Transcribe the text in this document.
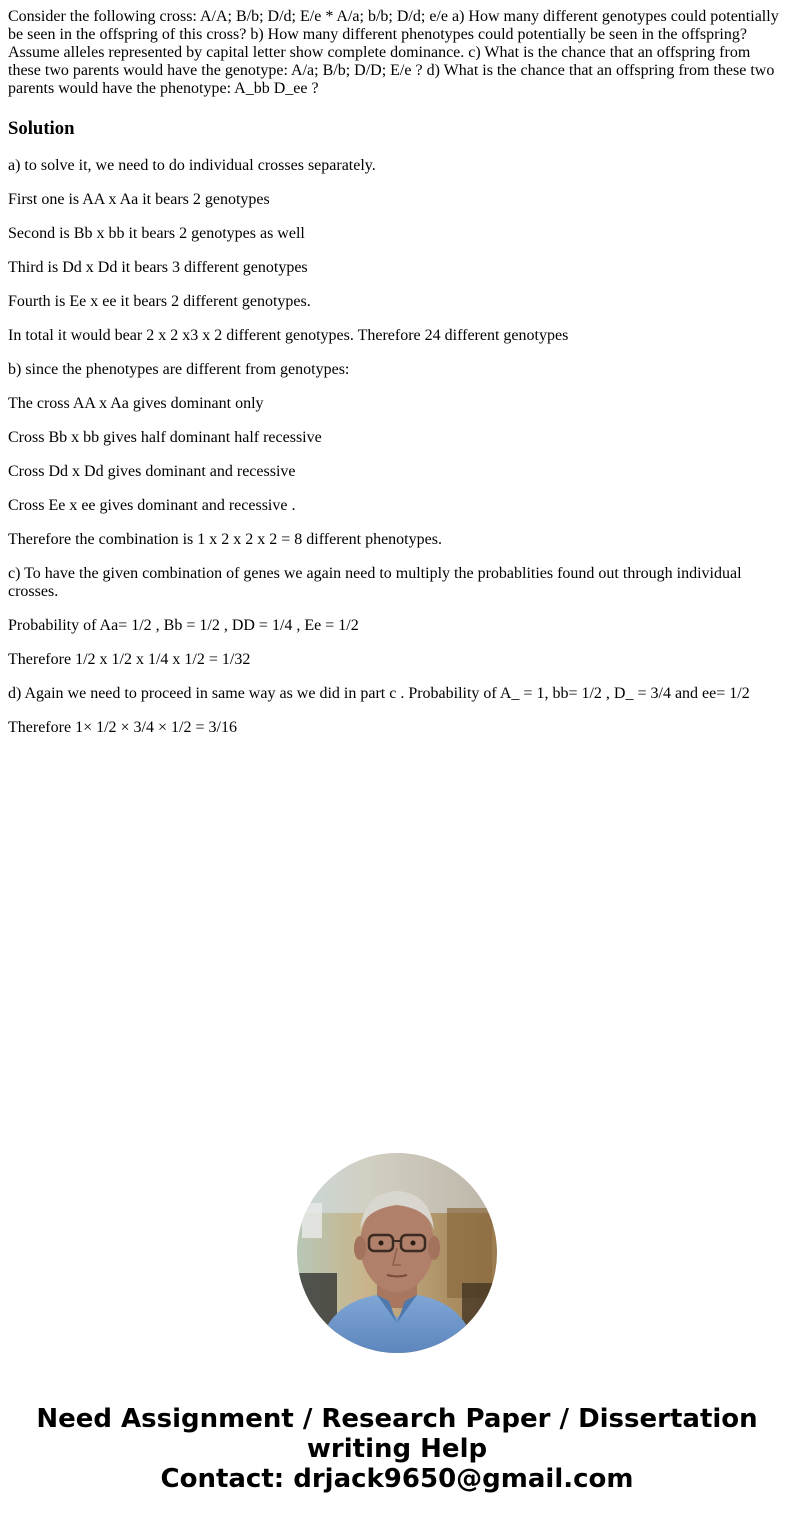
Consider the following cross: A/A; B/b; D/d; E/e * A/a; b/b; D/d; e/e a) How many different genotypes could potentially be seen in the offspring of this cross? b) How many different phenotypes could potentially be seen in the offspring? Assume alleles represented by capital letter show complete dominance. c) What is the chance that an offspring from these two parents would have the genotype: A/a; B/b; D/D; E/e ? d) What is the chance that an offspring from these two parents would have the phenotype: A_bb D_ee ?

Solution

a) to solve it, we need to do individual crosses separately.

First one is AA x Aa it bears 2 genotypes

Second is Bb x bb it bears 2 genotypes as well

Third is Dd x Dd it bears 3 different genotypes

Fourth is Ee x ee it bears 2 different genotypes.

In total it would bear 2 x 2 x3 x 2 different genotypes. Therefore 24 different genotypes

b) since the phenotypes are different from genotypes:

The cross AA x Aa gives dominant only

Cross Bb x bb gives half dominant half recessive

Cross Dd x Dd gives dominant and recessive

Cross Ee x ee gives dominant and recessive .

Therefore the combination is 1 x 2 x 2 x 2 = 8 different phenotypes.

c) To have the given combination of genes we again need to multiply the probablities found out through individual crosses.

Probability of Aa= 1/2 , Bb = 1/2 , DD = 1/4 , Ee = 1/2

Therefore 1/2 x 1/2 x 1/4 x 1/2 = 1/32

d) Again we need to proceed in same way as we did in part c . Probability of A_ = 1, bb= 1/2 , D_ = 3/4 and ee= 1/2

Therefore 1× 1/2 × 3/4 × 1/2 = 3/16

Need Assignment / Research Paper / Dissertation
writing Help
Contact: drjack9650@gmail.com
